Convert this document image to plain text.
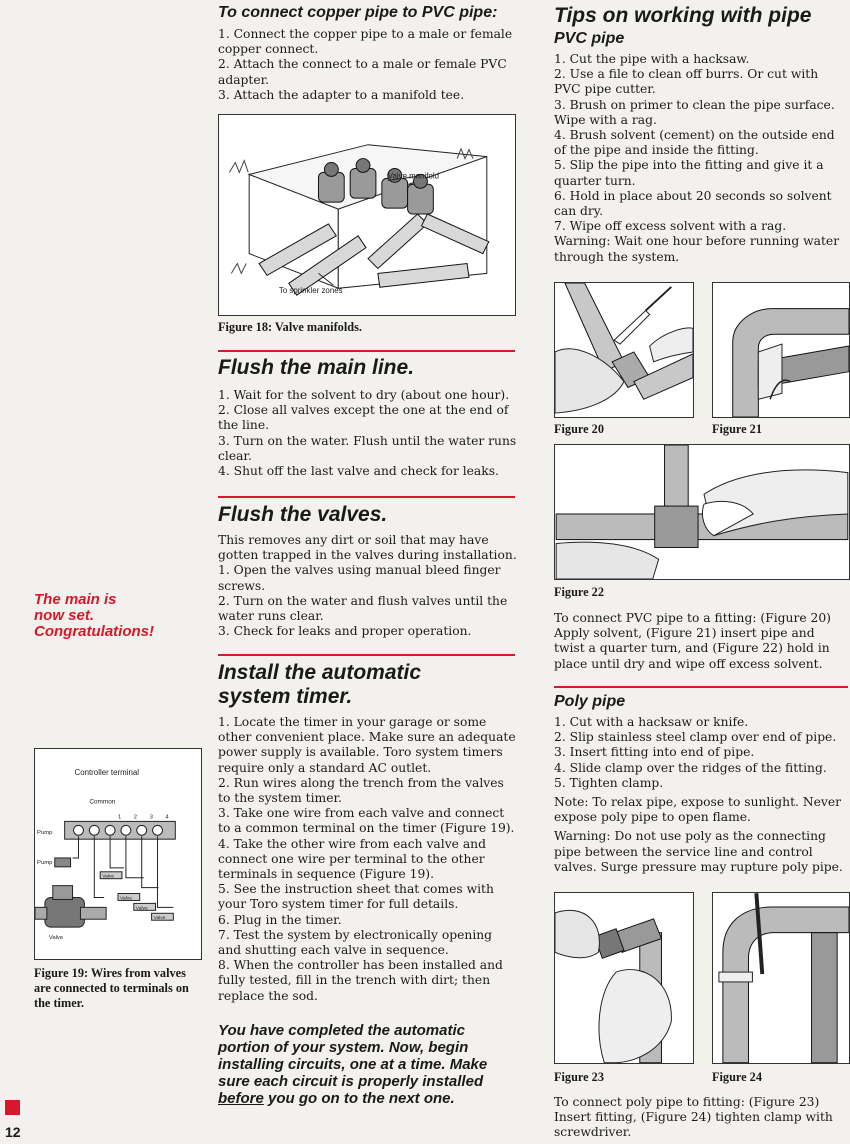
The main is
now set.
Congratulations!
Controller terminal
Common
1 2 3 4
Pump
Pump
Valve
Valve
Valve
Valve
Valve
Figure 19: Wires from valves are connected to terminals on the timer.
12
To connect copper pipe to PVC pipe:

1. Connect the copper pipe to a male or female copper connect.

2. Attach the connect to a male or female PVC adapter.

3. Attach the adapter to a manifold tee.

Valve manifold
To sprinkler zones
Figure 18: Valve manifolds.
Flush the main line.

1. Wait for the solvent to dry (about one hour).

2. Close all valves except the one at the end of the line.

3. Turn on the water. Flush until the water runs clear.

4. Shut off the last valve and check for leaks.

Flush the valves.

This removes any dirt or soil that may have gotten trapped in the valves during installation.

1. Open the valves using manual bleed finger screws.

2. Turn on the water and flush valves until the water runs clear.

3. Check for leaks and proper operation.

Install the automatic
system timer.

1. Locate the timer in your garage or some other convenient place. Make sure an adequate power supply is available. Toro system timers require only a standard AC outlet.

2. Run wires along the trench from the valves to the system timer.

3. Take one wire from each valve and connect to a common terminal on the timer (Figure 19).

4. Take the other wire from each valve and connect one wire per terminal to the other terminals in sequence (Figure 19).

5. See the instruction sheet that comes with your Toro system timer for full details.

6. Plug in the timer.

7. Test the system by electronically opening and shutting each valve in sequence.

8. When the controller has been installed and fully tested, fill in the trench with dirt; then replace the sod.

You have completed the automatic portion of your system. Now, begin installing circuits, one at a time. Make sure each circuit is properly installed before you go on to the next one.
Tips on working with pipe
PVC pipe

1. Cut the pipe with a hacksaw.

2. Use a file to clean off burrs. Or cut with PVC pipe cutter.

3. Brush on primer to clean the pipe surface. Wipe with a rag.

4. Brush solvent (cement) on the outside end of the pipe and inside the fitting.

5. Slip the pipe into the fitting and give it a quarter turn.

6. Hold in place about 20 seconds so solvent can dry.

7. Wipe off excess solvent with a rag.

Warning: Wait one hour before running water through the system.

Figure 20	Figure 21
Figure 22
To connect PVC pipe to a fitting: (Figure 20) Apply solvent, (Figure 21) insert pipe and twist a quarter turn, and (Figure 22) hold in place until dry and wipe off excess solvent.
Poly pipe

1. Cut with a hacksaw or knife.

2. Slip stainless steel clamp over end of pipe.

3. Insert fitting into end of pipe.

4. Slide clamp over the ridges of the fitting.

5. Tighten clamp.

Note: To relax pipe, expose to sunlight. Never expose poly pipe to open flame.

Warning: Do not use poly as the connecting pipe between the service line and control valves. Surge pressure may rupture poly pipe.

Figure 23	Figure 24
To connect poly pipe to fitting: (Figure 23) Insert fitting, (Figure 24) tighten clamp with screwdriver.
